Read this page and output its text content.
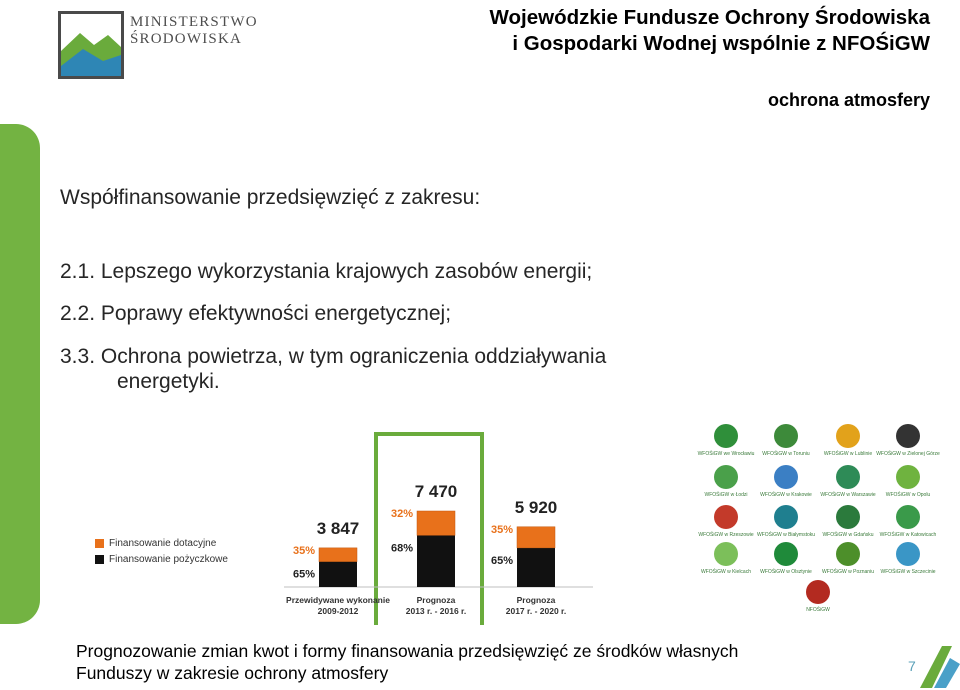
MINISTERSTWO
ŚRODOWISKA
Wojewódzkie Fundusze Ochrony Środowiska
i Gospodarki Wodnej wspólnie z NFOŚiGW
ochrona atmosfery
Współfinansowanie przedsięwzięć z zakresu:
2.1. Lepszego wykorzystania krajowych zasobów energii;
2.2. Poprawy efektywności energetycznej;
3.3. Ochrona powietrza, w tym ograniczenia oddziaływania
energetyki.
Finansowanie dotacyjne
Finansowanie pożyczkowe
3 847
35%
65%
Przewidywane wykonanie
2009-2012
7 470
32%
68%
Prognoza
2013 r. - 2016 r.
5 920
35%
65%
Prognoza
2017 r. - 2020 r.
WFOŚiGW we Wrocławiu	WFOŚiGW w Toruniu	WFOŚiGW w Lublinie WFOŚiGW w Zielonej Górze
WFOŚiGW w Łodzi	WFOŚiGW w Krakowie	WFOŚiGW w Warszawie	WFOŚiGW w Opolu
WFOŚiGW w Rzeszowie WFOŚiGW w Białymstoku	WFOŚiGW w Gdańsku	WFOŚiGW w Katowicach
WFOŚiGW w Kielcach	WFOŚiGW w Olsztynie	WFOŚiGW w Poznaniu	WFOŚiGW w Szczecinie
NFOŚiGW
Prognozowanie zmian kwot i formy finansowania przedsięwzięć ze środków własnych
Funduszy w zakresie ochrony atmosfery	7
